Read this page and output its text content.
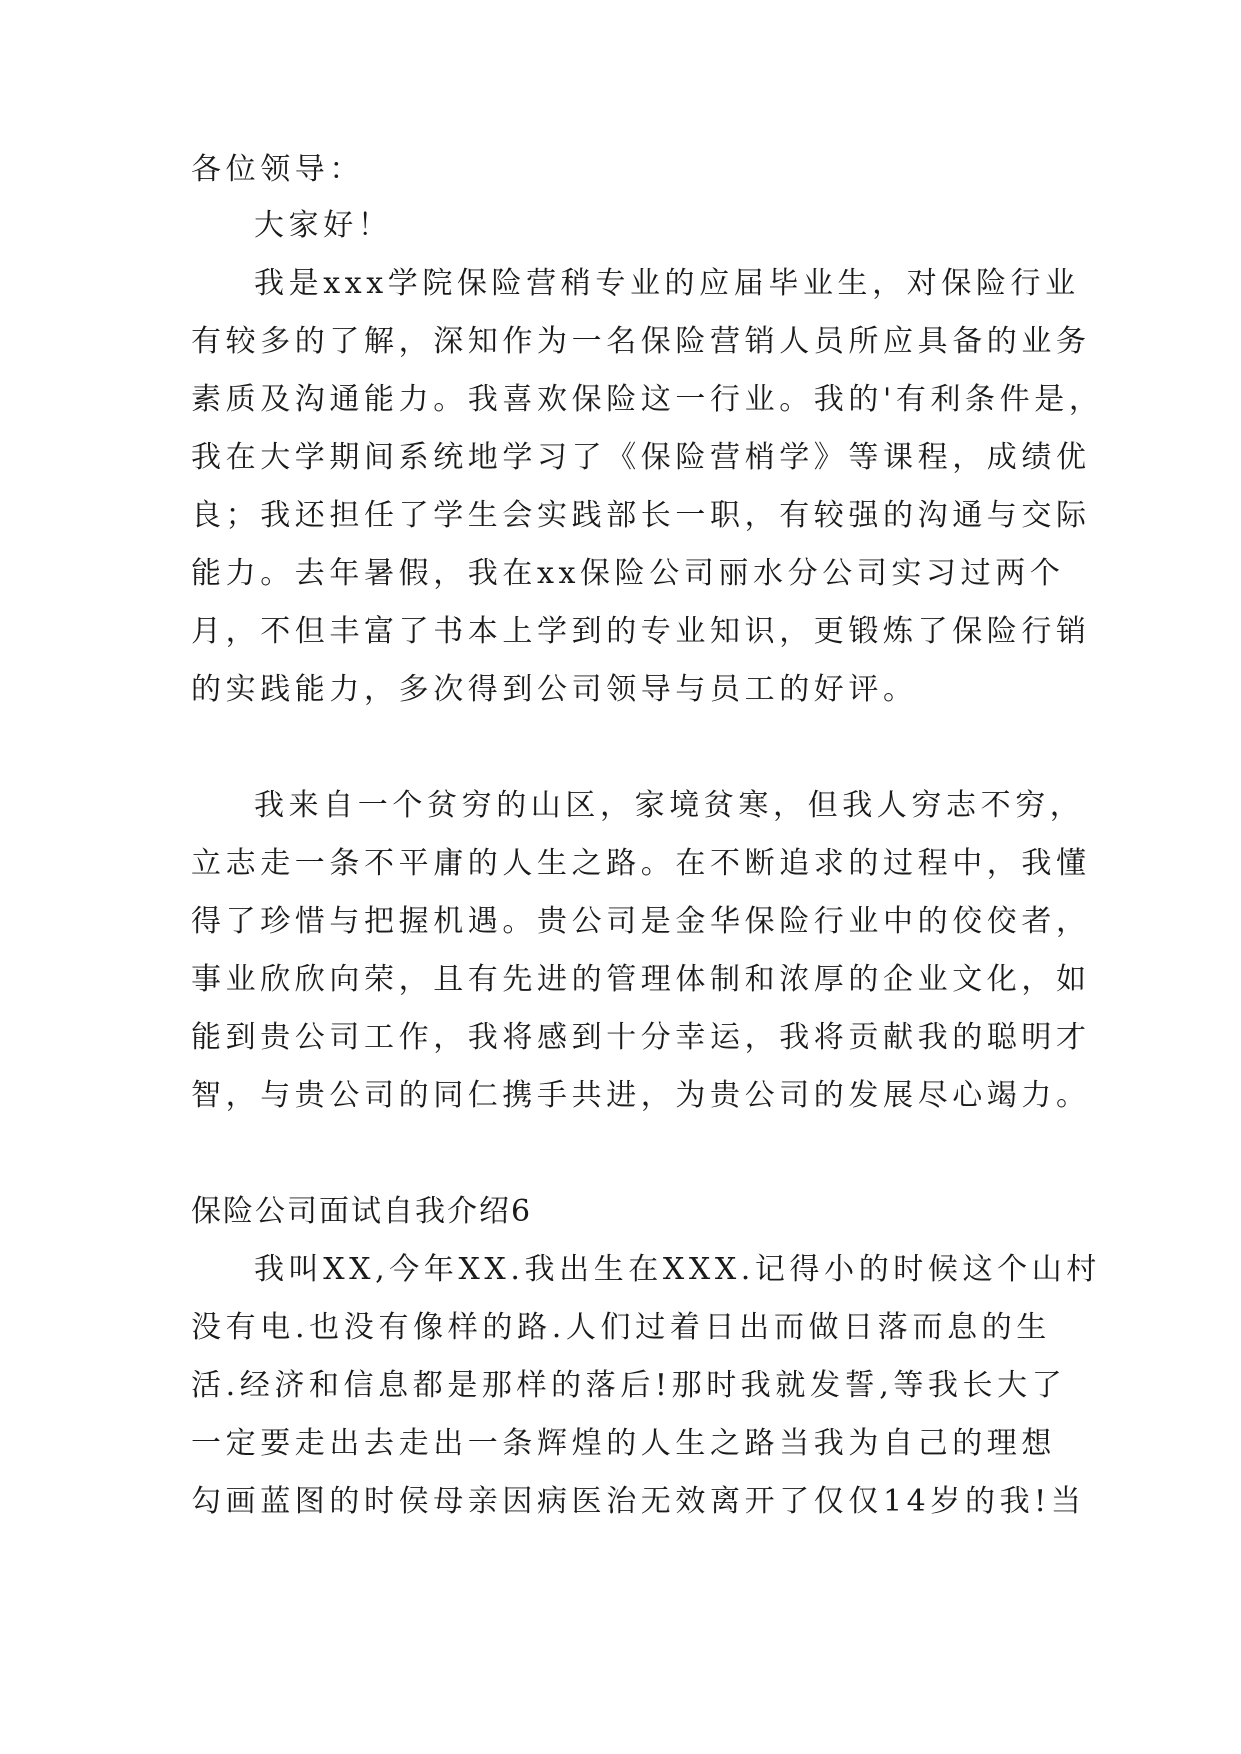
各位领导：
大家好！
我是xxx学院保险营稍专业的应届毕业生，对保险行业
有较多的了解，深知作为一名保险营销人员所应具备的业务
素质及沟通能力。我喜欢保险这一行业。我的'有利条件是，
我在大学期间系统地学习了《保险营梢学》等课程，成绩优
良；我还担任了学生会实践部长一职，有较强的沟通与交际
能力。去年暑假，我在xx保险公司丽水分公司实习过两个
月，不但丰富了书本上学到的专业知识，更锻炼了保险行销
的实践能力，多次得到公司领导与员工的好评。
我来自一个贫穷的山区，家境贫寒，但我人穷志不穷，
立志走一条不平庸的人生之路。在不断追求的过程中，我懂
得了珍惜与把握机遇。贵公司是金华保险行业中的佼佼者，
事业欣欣向荣，且有先进的管理体制和浓厚的企业文化，如
能到贵公司工作，我将感到十分幸运，我将贡献我的聪明才
智，与贵公司的同仁携手共进，为贵公司的发展尽心竭力。
保险公司面试自我介绍6
我叫XX,今年XX.我出生在XXX.记得小的时候这个山村
没有电.也没有像样的路.人们过着日出而做日落而息的生
活.经济和信息都是那样的落后!那时我就发誓,等我长大了
一定要走出去走出一条辉煌的人生之路当我为自己的理想
勾画蓝图的时侯母亲因病医治无效离开了仅仅14岁的我!当
